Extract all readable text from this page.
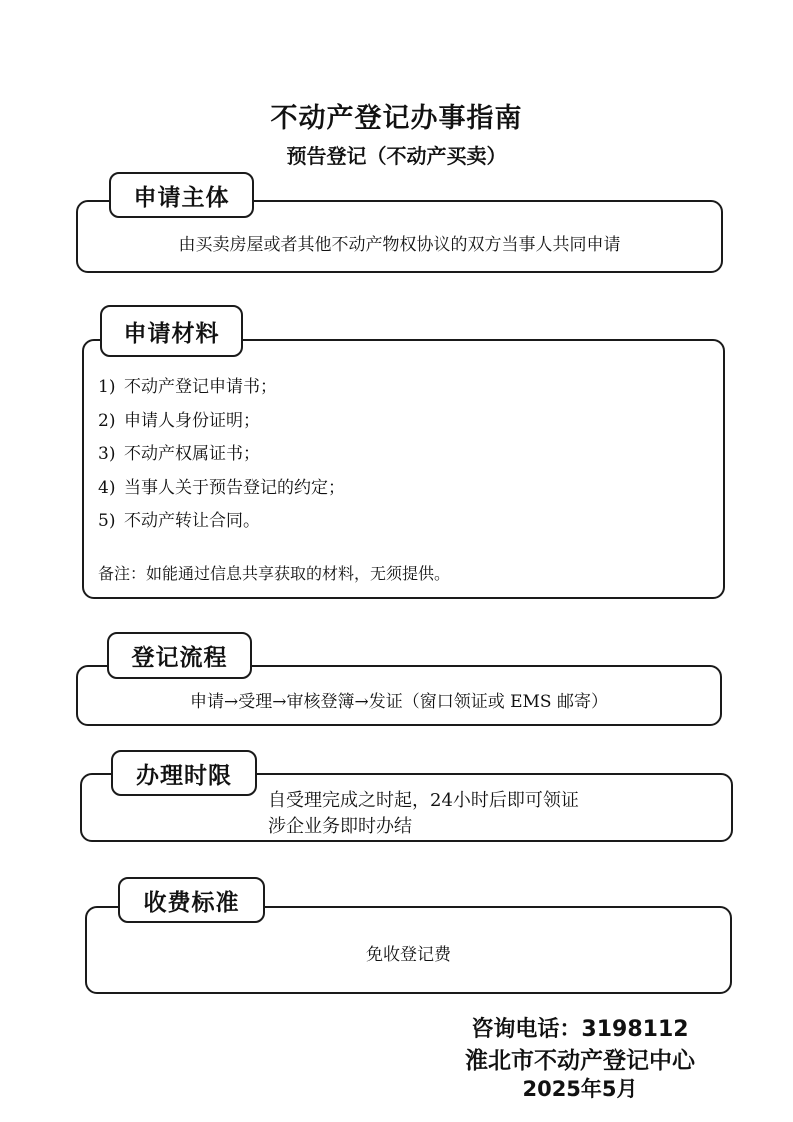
不动产登记办事指南
预告登记（不动产买卖）
由买卖房屋或者其他不动产物权协议的双方当事人共同申请
申请主体
1) 不动产登记申请书；
2) 申请人身份证明；
3) 不动产权属证书；
4) 当事人关于预告登记的约定；
5) 不动产转让合同。
备注：如能通过信息共享获取的材料，无须提供。
申请材料
申请→受理→审核登簿→发证（窗口领证或 EMS 邮寄）
登记流程
自受理完成之时起，24小时后即可领证
涉企业务即时办结
办理时限
免收登记费
收费标准
咨询电话：3198112
淮北市不动产登记中心
2025年5月
